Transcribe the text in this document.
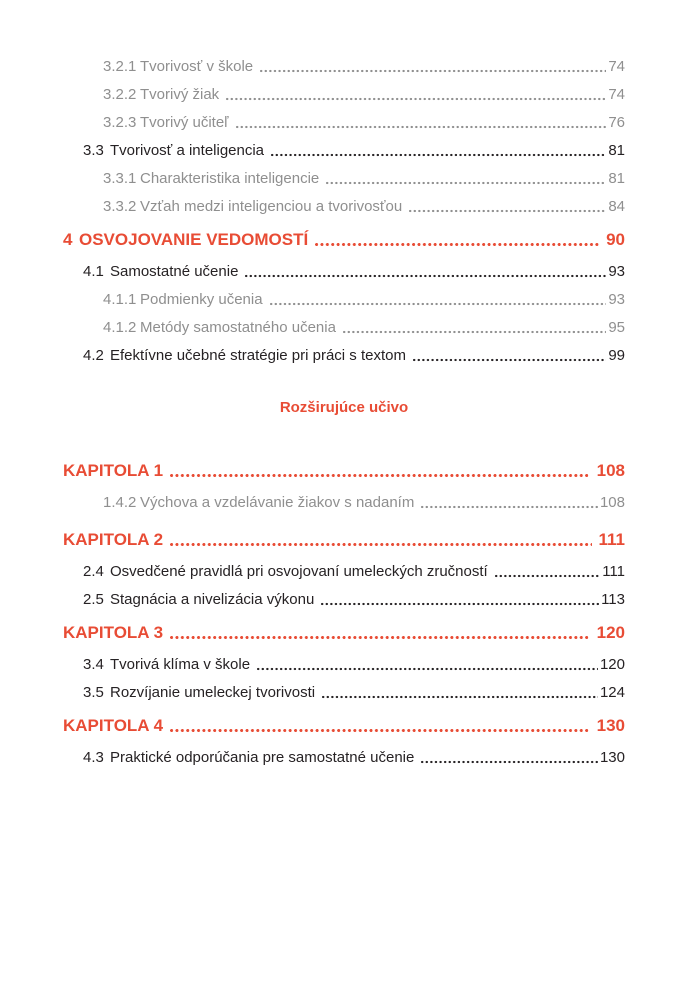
3.2.1 Tvorivosť v škole	74
3.2.2 Tvorivý žiak	74
3.2.3 Tvorivý učiteľ	76
3.3 Tvorivosť a inteligencia	81
3.3.1 Charakteristika inteligencie	81
3.3.2 Vzťah medzi inteligenciou a tvorivosťou	84
4 OSVOJOVANIE VEDOMOSTÍ	90
4.1 Samostatné učenie	93
4.1.1 Podmienky učenia	93
4.1.2 Metódy samostatného učenia	95
4.2 Efektívne učebné stratégie pri práci s textom	99
Rozširujúce učivo
KAPITOLA 1	108
1.4.2 Výchova a vzdelávanie žiakov s nadaním	108
KAPITOLA 2	111
2.4 Osvedčené pravidlá pri osvojovaní umeleckých zručností	111
2.5 Stagnácia a nivelizácia výkonu	113
KAPITOLA 3	120
3.4 Tvorivá klíma v škole	120
3.5 Rozvíjanie umeleckej tvorivosti	124
KAPITOLA 4	130
4.3 Praktické odporúčania pre samostatné učenie	130
